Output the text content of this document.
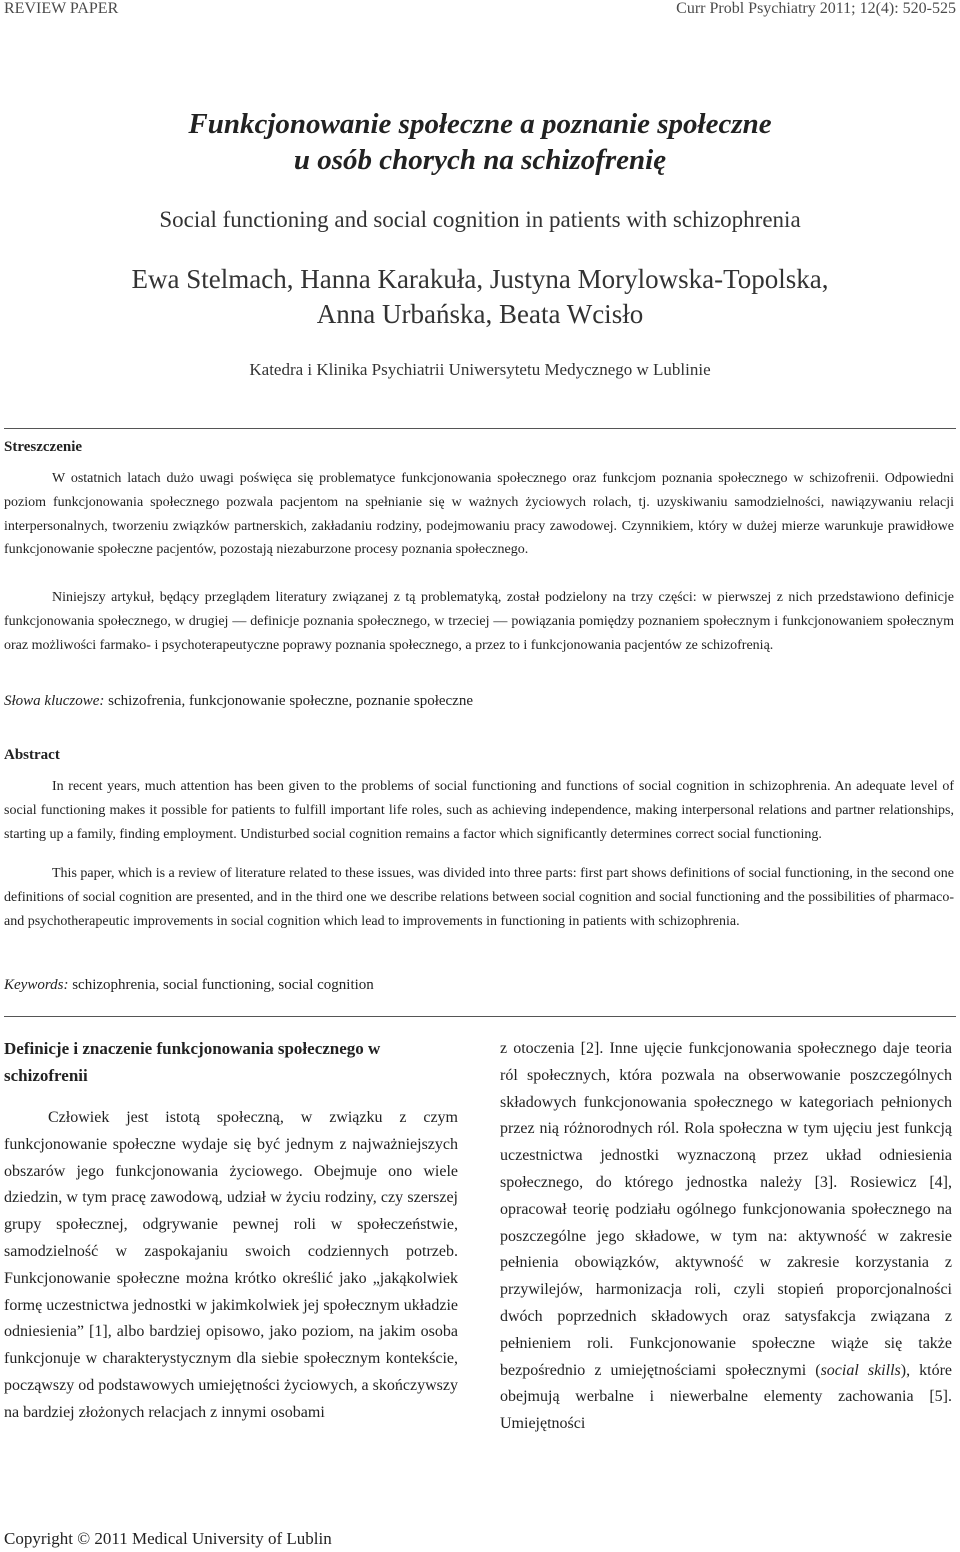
REVIEW PAPER	Curr Probl Psychiatry 2011; 12(4): 520-525
Funkcjonowanie społeczne a poznanie społeczne
u osób chorych na schizofrenię
Social functioning and social cognition in patients with schizophrenia
Ewa Stelmach, Hanna Karakuła, Justyna Morylowska-Topolska,
Anna Urbańska, Beata Wcisło
Katedra i Klinika Psychiatrii Uniwersytetu Medycznego w Lublinie
Streszczenie
W ostatnich latach dużo uwagi poświęca się problematyce funkcjonowania społecznego oraz funkcjom poznania społecznego w schizofrenii. Odpowiedni poziom funkcjonowania społecznego pozwala pacjentom na spełnianie się w ważnych życiowych rolach, tj. uzyskiwaniu samodzielności, nawiązywaniu relacji interpersonalnych, tworzeniu związków partnerskich, zakładaniu rodziny, podejmowaniu pracy zawodowej. Czynnikiem, który w dużej mierze warunkuje prawidłowe funkcjonowanie społeczne pacjentów, pozostają niezaburzone procesy poznania społecznego.
Niniejszy artykuł, będący przeglądem literatury związanej z tą problematyką, został podzielony na trzy części: w pierwszej z nich przedstawiono definicje funkcjonowania społecznego, w drugiej — definicje poznania społecznego, w trzeciej — powiązania pomiędzy poznaniem społecznym i funkcjonowaniem społecznym oraz możliwości farmako- i psychoterapeutyczne poprawy poznania społecznego, a przez to i funkcjonowania pacjentów ze schizofrenią.
Słowa kluczowe: schizofrenia, funkcjonowanie społeczne, poznanie społeczne
Abstract
In recent years, much attention has been given to the problems of social functioning and functions of social cognition in schizophrenia. An adequate level of social functioning makes it possible for patients to fulfill important life roles, such as achieving independence, making interpersonal relations and partner relationships, starting up a family, finding employment. Undisturbed social cognition remains a factor which significantly determines correct social functioning.
This paper, which is a review of literature related to these issues, was divided into three parts: first part shows definitions of social functioning, in the second one definitions of social cognition are presented, and in the third one we describe relations between social cognition and social functioning and the possibilities of pharmaco- and psychotherapeutic improvements in social cognition which lead to improvements in functioning in patients with schizophrenia.
Keywords: schizophrenia, social functioning, social cognition
Definicje i znaczenie funkcjonowania społecznego w schizofrenii
Człowiek jest istotą społeczną, w związku z czym funkcjonowanie społeczne wydaje się być jednym z najważniejszych obszarów jego funkcjonowania życiowego. Obejmuje ono wiele dziedzin, w tym pracę zawodową, udział w życiu rodziny, czy szerszej grupy społecznej, odgrywanie pewnej roli w społeczeństwie, samodzielność w zaspokajaniu swoich codziennych potrzeb. Funkcjonowanie społeczne można krótko określić jako „jakąkolwiek formę uczestnictwa jednostki w jakimkolwiek jej społecznym układzie odniesienia” [1], albo bardziej opisowo, jako poziom, na jakim osoba funkcjonuje w charakterystycznym dla siebie społecznym kontekście, począwszy od podstawowych umiejętności życiowych, a skończywszy na bardziej złożonych relacjach z innymi osobami
z otoczenia [2]. Inne ujęcie funkcjonowania społecznego daje teoria ról społecznych, która pozwala na obserwowanie poszczególnych składowych funkcjonowania społecznego w kategoriach pełnionych przez nią różnorodnych ról. Rola społeczna w tym ujęciu jest funkcją uczestnictwa jednostki wyznaczoną przez układ odniesienia społecznego, do którego jednostka należy [3]. Rosiewicz [4], opracował teorię podziału ogólnego funkcjonowania społecznego na poszczególne jego składowe, w tym na: aktywność w zakresie pełnienia obowiązków, aktywność w zakresie korzystania z przywilejów, harmonizacja roli, czyli stopień proporcjonalności dwóch poprzednich składowych oraz satysfakcja związana z pełnieniem roli. Funkcjonowanie społeczne wiąże się także bezpośrednio z umiejętnościami społecznymi (social skills), które obejmują werbalne i niewerbalne elementy zachowania [5]. Umiejętności
Copyright © 2011 Medical University of Lublin
